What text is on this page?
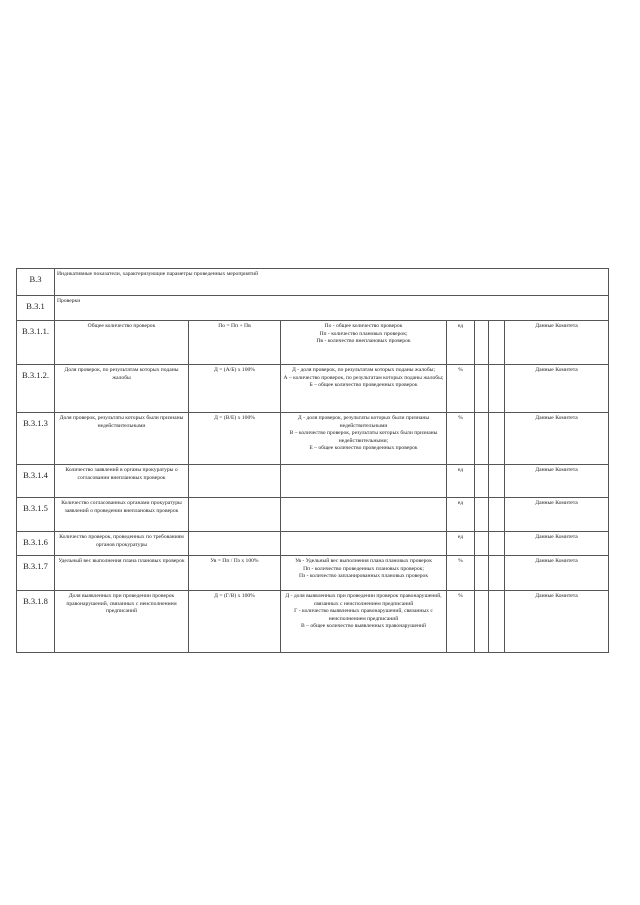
В.3	Индикативные показатели, характеризующие параметры проведенных мероприятий						
В.3.1	Проверки						
В.3.1.1.	Общее количество проверок	По = Пп + Пв	По - общее количество проверок
Пп - количество плановых проверок;
Пв - количество внеплановых проверок	ед			Данные Комитета
В.3.1.2.	Доля проверок, по результатам которых поданы жалобы	Д = (А/Б) х 100%	Д - доля проверок, по результатам которых поданы жалобы;
А – количество проверок, по результатам которых поданы жалобы;
Б – общее количество проведенных проверок	%			Данные Комитета
В.3.1.3	Доля проверок, результаты которых были признаны недействительными	Д = (В/Е) х 100%	Д - доля проверок, результаты которых были признаны недействительными
В – количество проверок, результаты которых были признаны недействительными;
Е – общее количество проведенных проверок	%			Данные Комитета
В.3.1.4	Количество заявлений в органы прокуратуры о согласовании внеплановых проверок			ед			Данные Комитета
В.3.1.5	Количество согласованных органами прокуратуры заявлений о проведении внеплановых проверок			ед			Данные Комитета
В.3.1.6	Количество проверок, проведенных по требованиям органов прокуратуры			ед			Данные Комитета
В.3.1.7	Удельный вес выполнения плана плановых проверок	Ув = Пп / Пз х 100%	Ув - Удельный вес выполнения плана плановых проверок
Пп - количество проведенных плановых проверок;
Пз - количество запланированных плановых проверок	%			Данные Комитета
В.3.1.8	Доля выявленных при проведении проверок правонарушений, связанных с неисполнением предписаний	Д = (Г/В) х 100%	Д - доля выявленных при проведении проверок правонарушений, связанных с неисполнением предписаний
Г - количество выявленных правонарушений, связанных с неисполнением предписаний
В – общее количество выявленных правонарушений	%			Данные Комитета
